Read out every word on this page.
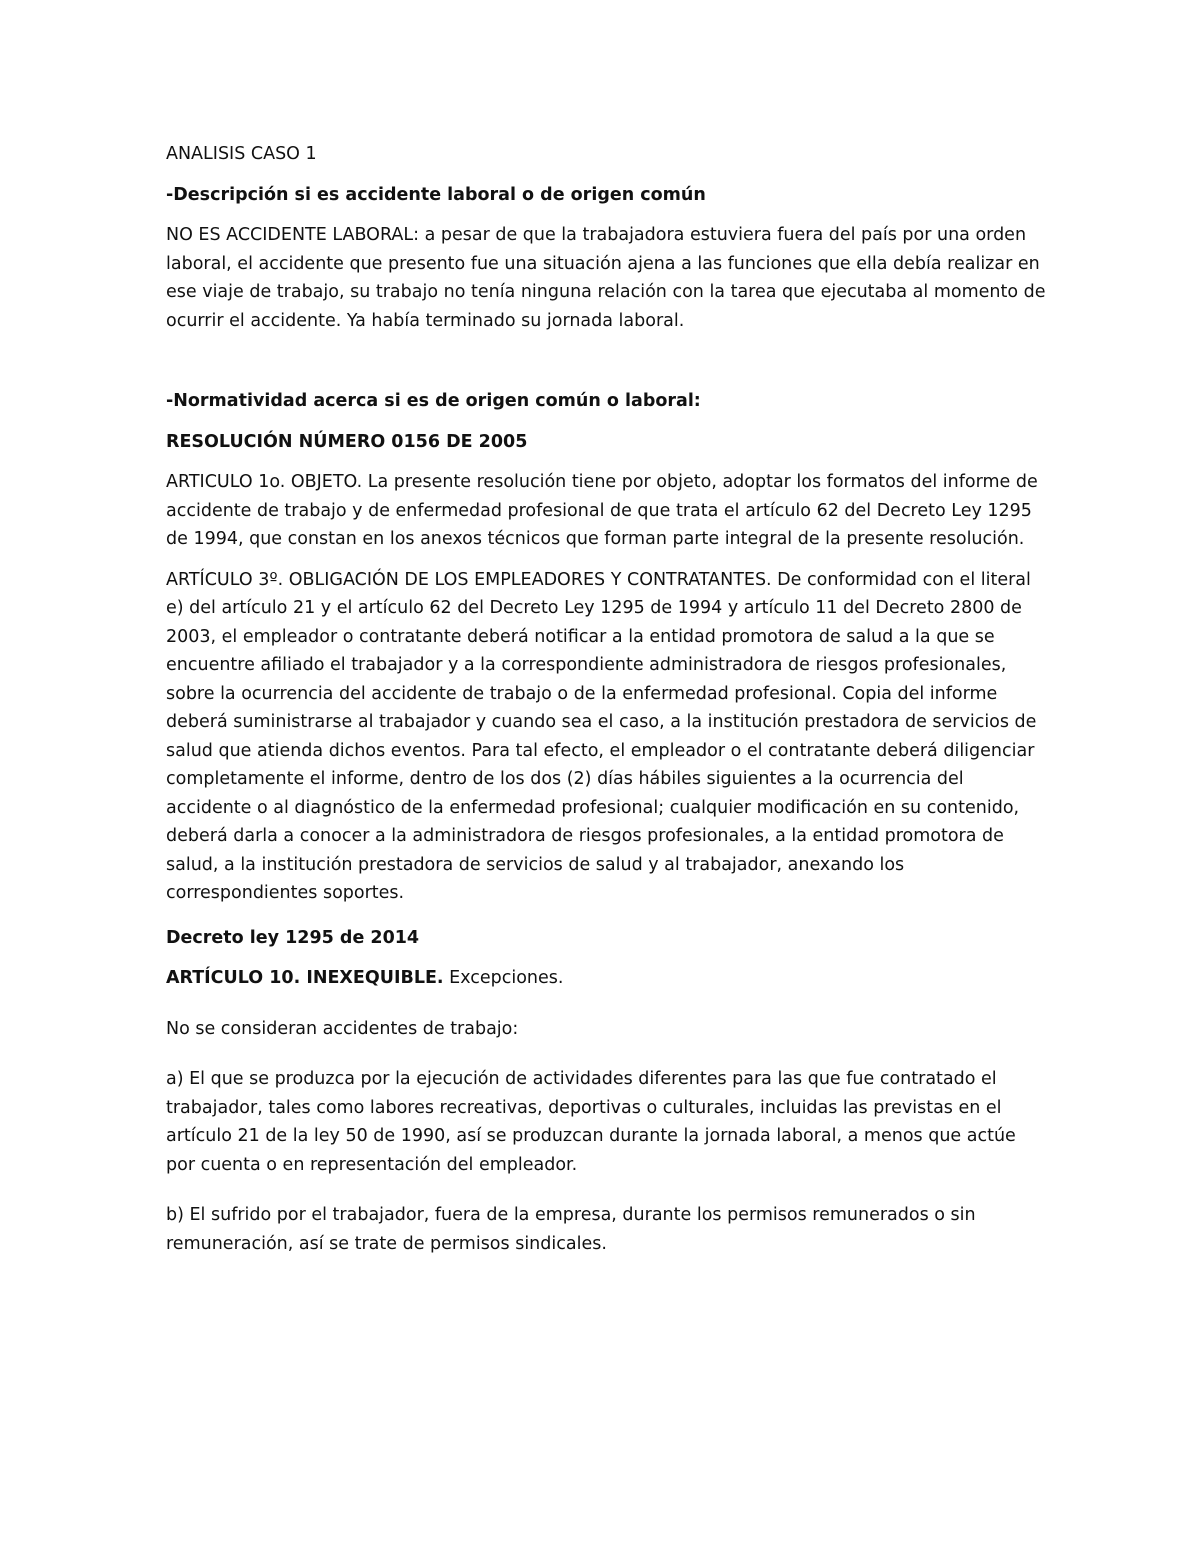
ANALISIS CASO 1

-Descripción si es accidente laboral o de origen común

NO ES ACCIDENTE LABORAL: a pesar de que la trabajadora estuviera fuera del país por una orden laboral, el accidente que presento fue una situación ajena a las funciones que ella debía realizar en ese viaje de trabajo, su trabajo no tenía ninguna relación con la tarea que ejecutaba al momento de ocurrir el accidente. Ya había terminado su jornada laboral.

-Normatividad acerca si es de origen común o laboral:

RESOLUCIÓN NÚMERO 0156 DE 2005

ARTICULO 1o. OBJETO. La presente resolución tiene por objeto, adoptar los formatos del informe de accidente de trabajo y de enfermedad profesional de que trata el artículo 62 del Decreto Ley 1295 de 1994, que constan en los anexos técnicos que forman parte integral de la presente resolución.

ARTÍCULO 3º. OBLIGACIÓN DE LOS EMPLEADORES Y CONTRATANTES. De conformidad con el literal e) del artículo 21 y el artículo 62 del Decreto Ley 1295 de 1994 y artículo 11 del Decreto 2800 de 2003, el empleador o contratante deberá notificar a la entidad promotora de salud a la que se encuentre afiliado el trabajador y a la correspondiente administradora de riesgos profesionales, sobre la ocurrencia del accidente de trabajo o de la enfermedad profesional. Copia del informe deberá suministrarse al trabajador y cuando sea el caso, a la institución prestadora de servicios de salud que atienda dichos eventos. Para tal efecto, el empleador o el contratante deberá diligenciar completamente el informe, dentro de los dos (2) días hábiles siguientes a la ocurrencia del accidente o al diagnóstico de la enfermedad profesional; cualquier modificación en su contenido, deberá darla a conocer a la administradora de riesgos profesionales, a la entidad promotora de salud, a la institución prestadora de servicios de salud y al trabajador, anexando los correspondientes soportes.

Decreto ley 1295 de 2014

ARTÍCULO 10. INEXEQUIBLE. Excepciones.

No se consideran accidentes de trabajo:

a) El que se produzca por la ejecución de actividades diferentes para las que fue contratado el trabajador, tales como labores recreativas, deportivas o culturales, incluidas las previstas en el artículo 21 de la ley 50 de 1990, así se produzcan durante la jornada laboral, a menos que actúe por cuenta o en representación del empleador.

b) El sufrido por el trabajador, fuera de la empresa, durante los permisos remunerados o sin remuneración, así se trate de permisos sindicales.
